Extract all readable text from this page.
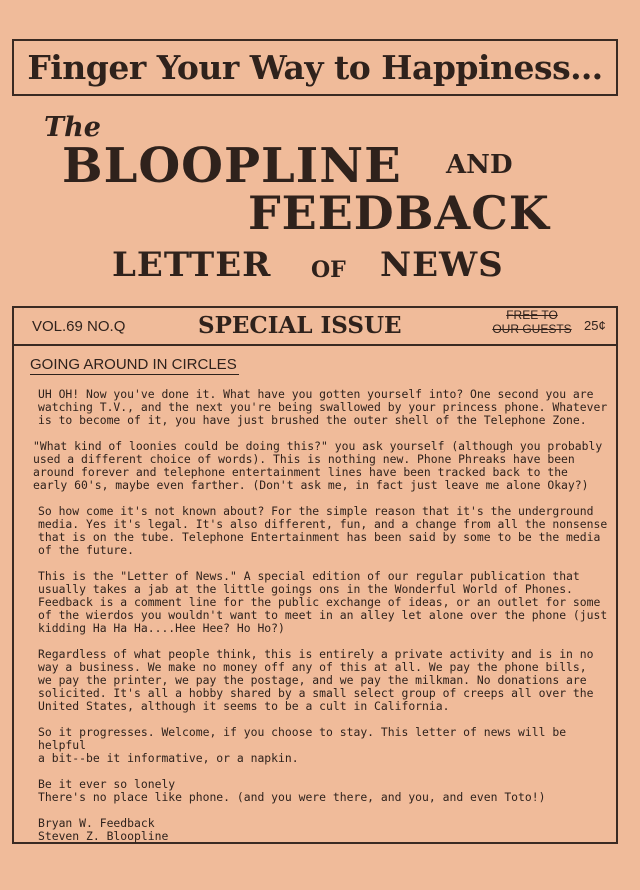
Finger Your Way to Happiness…
The
BLOOPLINE AND
FEEDBACK
LETTER OF NEWS
VOL.69 NO.Q	SPECIAL ISSUE	FREE TO
OUR GUESTS 25¢
GOING AROUND IN CIRCLES

UH OH! Now you've done it. What have you gotten yourself into? One second you are
watching T.V., and the next you're being swallowed by your princess phone. Whatever
is to become of it, you have just brushed the outer shell of the Telephone Zone.

"What kind of loonies could be doing this?" you ask yourself (although you probably
used a different choice of words). This is nothing new. Phone Phreaks have been
around forever and telephone entertainment lines have been tracked back to the
early 60's, maybe even farther. (Don't ask me, in fact just leave me alone Okay?)

So how come it's not known about? For the simple reason that it's the underground
media. Yes it's legal. It's also different, fun, and a change from all the nonsense
that is on the tube. Telephone Entertainment has been said by some to be the media
of the future.

This is the "Letter of News." A special edition of our regular publication that
usually takes a jab at the little goings ons in the Wonderful World of Phones.
Feedback is a comment line for the public exchange of ideas, or an outlet for some
of the wierdos you wouldn't want to meet in an alley let alone over the phone (just
kidding Ha Ha Ha....Hee Hee? Ho Ho?)

Regardless of what people think, this is entirely a private activity and is in no
way a business. We make no money off any of this at all. We pay the phone bills,
we pay the printer, we pay the postage, and we pay the milkman. No donations are
solicited. It's all a hobby shared by a small select group of creeps all over the
United States, although it seems to be a cult in California.

So it progresses. Welcome, if you choose to stay. This letter of news will be helpful
a bit--be it informative, or a napkin.

Be it ever so lonely
There's no place like phone. (and you were there, and you, and even Toto!)

Bryan W. Feedback
Steven Z. Bloopline
